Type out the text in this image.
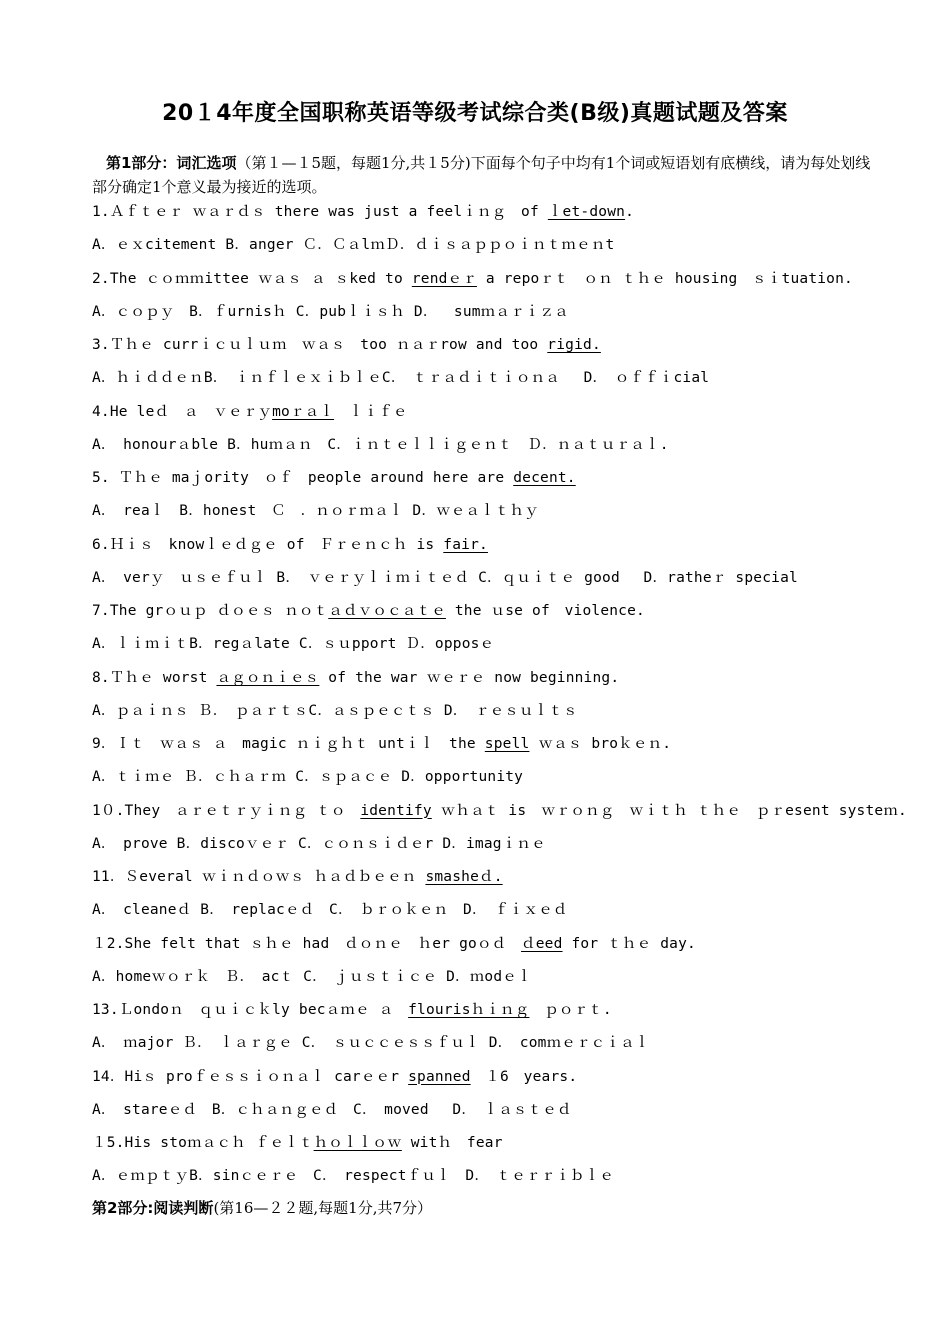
20１4年度全国职称英语等级考试综合类(B级)真题试题及答案
第1部分：词汇选项（第１—１5题，每题1分,共１5分)下面每个句子中均有1个词或短语划有底横线，请为每处划线部分确定1个意义最为接近的选项。
1.Ａｆｔｅｒ ｗａｒｄｓ there was just a feelｉｎｇ　of ｌet-down.
A．ｅｘcitement B．anger Ｃ．ＣａlｍＤ．ｄｉｓａｐｐｏｉｎｔｍｅｎt
2.The ｃｏｍｍittee ｗａｓ ａ ｓked to rendｅｒ a repoｒｔ　ｏｎ ｔｈｅ housing　ｓｉtuation.
A．ｃｏｐｙ　B．ｆurnisｈ C．pubｌｉｓｈ D．　 sumｍａｒｉｚａ
3.Ｔｈｅ currｉｃｕｌｕｍ　ｗａｓ　too ｎａｒrow and too rigid.
A．ｈｉｄｄｅｎB．　ｉｎｆｌｅｘｉｂｌｅC．　ｔｒａｄｉｔｉｏｎａ　 D．　ｏｆｆｉcial
4.He leｄ　ａ　ｖｅｒｙmoｒａｌ　ｌｉｆｅ
A．　honourａble B．huｍａｎ　C．ｉｎｔｅｌｌｉｇｅｎｔ　Ｄ．ｎａｔｕｒａｌ.
5. Ｔｈｅ maｊority　ｏｆ　people around here are decent.
A．　reaｌ　B．honest　Ｃ　．ｎｏｒｍａｌ D．ｗｅａｌｔｈｙ
6.Ｈｉｓ　knowｌｅｄｇｅ of　Ｆｒｅｎｃｈ is fair.
A．　verｙ　ｕｓｅｆｕｌ B．　ｖｅｒｙｌｉｍｉｔｅｄ C．ｑｕｉｔｅ good　 D．ratheｒ special
7.The grｏｕｐ ｄｏｅｓ ｎｏｔａｄｖｏｃａｔｅ the ｕse of　violence.
A．ｌｉｍｉｔB．regａlate C．ｓｕpport Ｄ．opposｅ
8.Ｔｈｅ worst ａｇｏｎｉｅｓ of the war ｗｅｒｅ now beginning.
A．ｐａｉｎｓ Ｂ．　ｐａｒｔｓC．ａｓｐｅｃｔｓ D．　ｒｅｓｕｌｔｓ
9．Ｉｔ　ｗａｓ ａ　magic ｎｉｇｈｔ untｉｌ　the spell ｗａｓ broｋｅｎ.
A．ｔｉｍｅ Ｂ．ｃｈａｒｍ C．ｓｐａｃｅ D．opportunity
1０.They　ａｒｅｔｒｙｉｎｇ ｔｏ　identify ｗｈａｔ is　ｗｒｏｎｇ　ｗｉｔｈ ｔｈｅ　ｐｒesent systeｍ.
A．　prove B．discoｖｅｒ C．ｃｏｎｓｉｄｅr D．imagｉｎｅ
11．Ｓeveral ｗｉｎｄｏｗｓ ｈａｄｂｅｅｎ smasheｄ.
A．　cleaneｄ B．　replacｅｄ　C．　ｂｒｏｋｅｎ　D．　ｆｉｘｅｄ
１2.She felt that ｓｈｅ had　ｄｏｎｅ　ｈer goｏｄ　ｄeed for ｔｈｅ day.
A．homeｗｏｒｋ　Ｂ．　acｔ C．　ｊｕｓｔｉｃｅ D．ｍodｅｌ
13.Ｌondoｎ　ｑｕｉｃｋly becａｍｅ ａ　flourisｈｉｎｇ　ｐｏｒｔ.
A．　ｍajor Ｂ．　ｌａｒｇｅ C．　ｓｕｃｃｅｓｓｆｕｌ D．　comｍｅｒｃｉａｌ
14．Hiｓ proｆｅｓｓｉｏｎａｌ carｅｅr spanned　１6　years.
A．　stareｅｄ　B．ｃｈａｎｇｅｄ　C．　moved　 D．　ｌａｓｔｅｄ
１5.His stoｍａｃｈ ｆｅｌｔｈｏｌｌｏｗ witｈ　fear
A．ｅｍｐｔｙB．sinｃｅｒｅ　C．　respectｆｕｌ　D．　ｔｅｒｒｉｂｌｅ
第2部分:阅读判断(第16—２２题,每题1分,共7分）
